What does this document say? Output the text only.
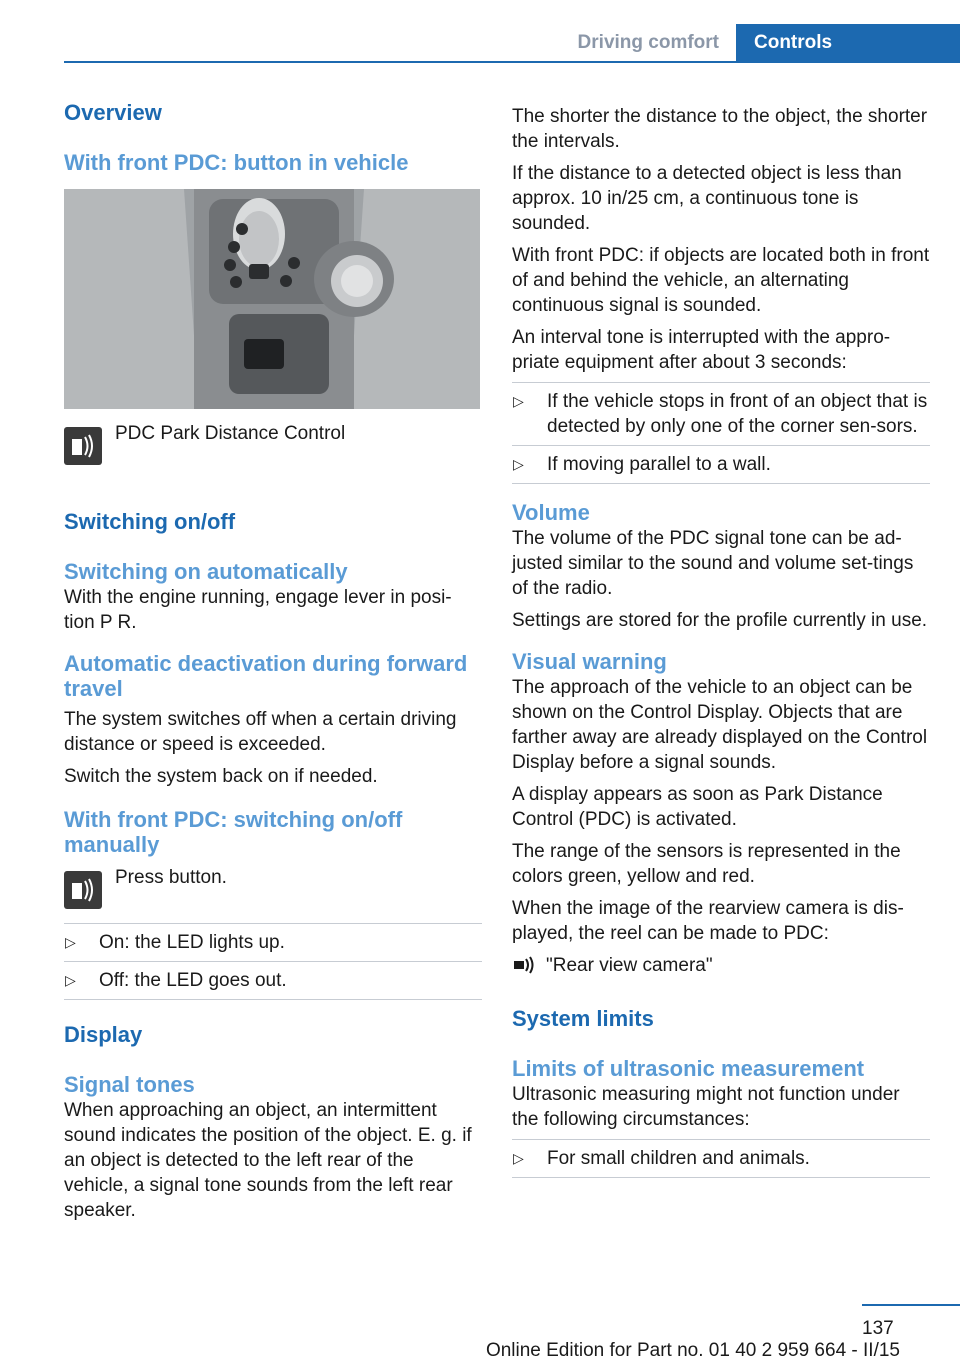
Driving comfort	Controls
Overview
With front PDC: button in vehicle
PDC Park Distance Control
Switching on/off
Switching on automatically

With the engine running, engage lever in posi-tion P R.

Automatic deactivation during forward travel

The system switches off when a certain driving distance or speed is exceeded.

Switch the system back on if needed.

With front PDC: switching on/off manually
Press button.
▷	On: the LED lights up.
▷	Off: the LED goes out.
Display
Signal tones

When approaching an object, an intermittent sound indicates the position of the object. E. g. if an object is detected to the left rear of the vehicle, a signal tone sounds from the left rear speaker.

The shorter the distance to the object, the shorter the intervals.

If the distance to a detected object is less than approx. 10 in/25 cm, a continuous tone is sounded.

With front PDC: if objects are located both in front of and behind the vehicle, an alternating continuous signal is sounded.

An interval tone is interrupted with the appro-priate equipment after about 3 seconds:

▷	If the vehicle stops in front of an object that is detected by only one of the corner sen-sors.
▷	If moving parallel to a wall.
Volume

The volume of the PDC signal tone can be ad-justed similar to the sound and volume set-tings of the radio.

Settings are stored for the profile currently in use.

Visual warning

The approach of the vehicle to an object can be shown on the Control Display. Objects that are farther away are already displayed on the Control Display before a signal sounds.

A display appears as soon as Park Distance Control (PDC) is activated.

The range of the sensors is represented in the colors green, yellow and red.

When the image of the rearview camera is dis-played, the reel can be made to PDC:

"Rear view camera"
System limits
Limits of ultrasonic measurement

Ultrasonic measuring might not function under the following circumstances:

▷	For small children and animals.
137
Online Edition for Part no. 01 40 2 959 664 - II/15
